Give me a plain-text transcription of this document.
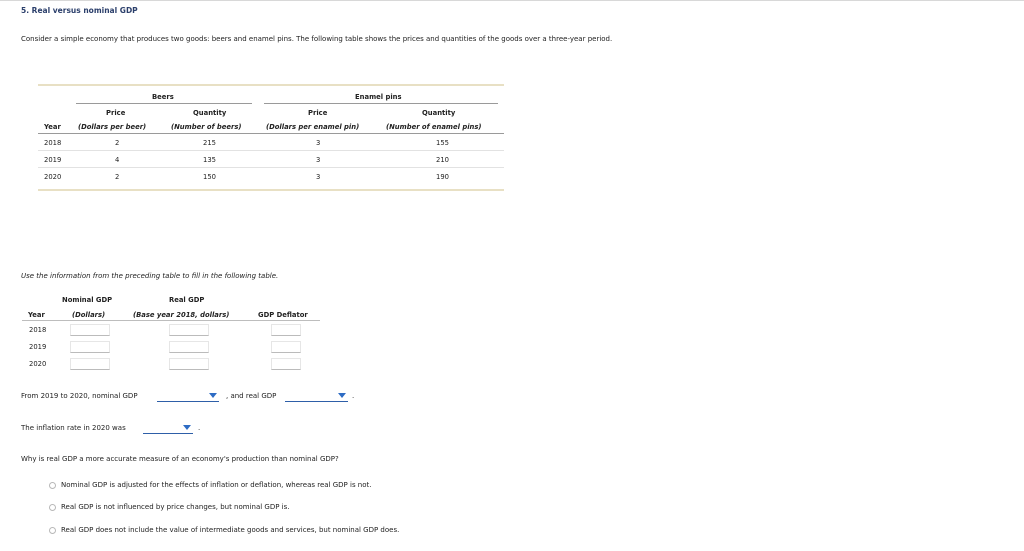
5. Real versus nominal GDP
Consider a simple economy that produces two goods: beers and enamel pins. The following table shows the prices and quantities of the goods over a three-year period.
Beers	Enamel pins
Price	Quantity	Price	Quantity
Year	(Dollars per beer)	(Number of beers)	(Dollars per enamel pin)	(Number of enamel pins)
2018	2	215	3	155
2019	4	135	3	210
2020	2	150	3	190
Use the information from the preceding table to fill in the following table.
Nominal GDP	Real GDP
Year	(Dollars)	(Base year 2018, dollars)	GDP Deflator
2018
2019
2020
From 2019 to 2020, nominal GDP	, and real GDP	.
The inflation rate in 2020 was	.
Why is real GDP a more accurate measure of an economy's production than nominal GDP?
Nominal GDP is adjusted for the effects of inflation or deflation, whereas real GDP is not.
Real GDP is not influenced by price changes, but nominal GDP is.
Real GDP does not include the value of intermediate goods and services, but nominal GDP does.
